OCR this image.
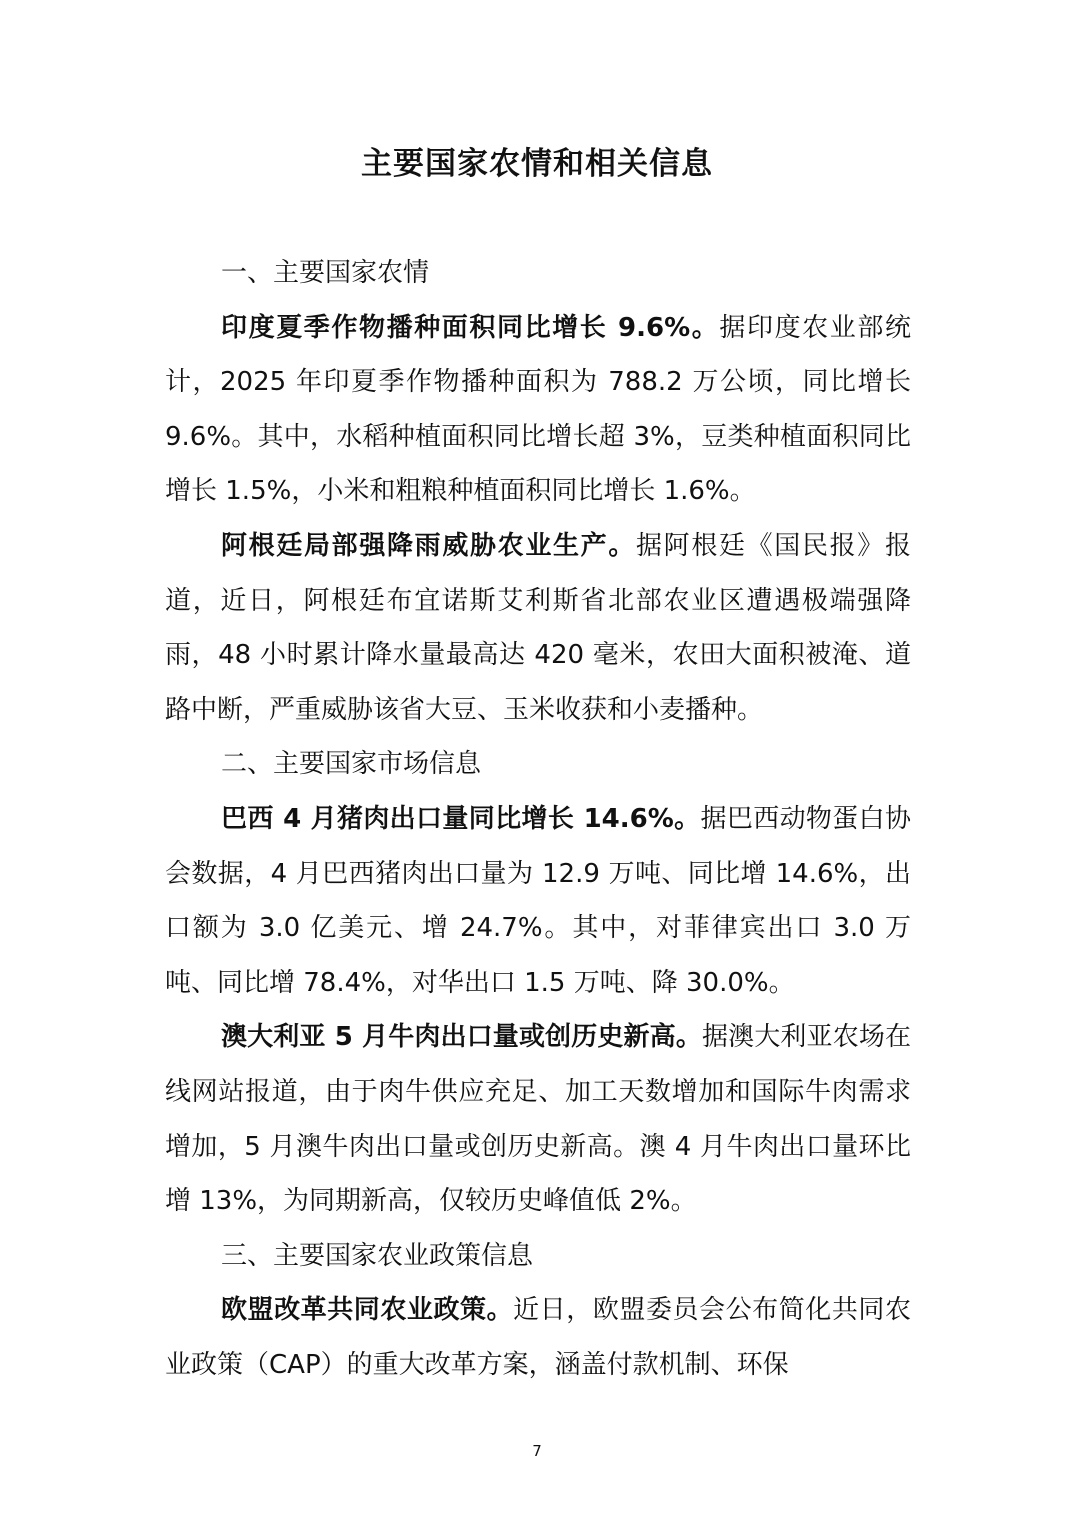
主要国家农情和相关信息
一、主要国家农情

印度夏季作物播种面积同比增长 9.6%。据印度农业部统计，2025 年印夏季作物播种面积为 788.2 万公顷，同比增长 9.6%。其中，水稻种植面积同比增长超 3%，豆类种植面积同比增长 1.5%，小米和粗粮种植面积同比增长 1.6%。

阿根廷局部强降雨威胁农业生产。据阿根廷《国民报》报道，近日，阿根廷布宜诺斯艾利斯省北部农业区遭遇极端强降雨，48 小时累计降水量最高达 420 毫米，农田大面积被淹、道路中断，严重威胁该省大豆、玉米收获和小麦播种。

二、主要国家市场信息

巴西 4 月猪肉出口量同比增长 14.6%。据巴西动物蛋白协会数据，4 月巴西猪肉出口量为 12.9 万吨、同比增 14.6%，出口额为 3.0 亿美元、增 24.7%。其中，对菲律宾出口 3.0 万吨、同比增 78.4%，对华出口 1.5 万吨、降 30.0%。

澳大利亚 5 月牛肉出口量或创历史新高。据澳大利亚农场在线网站报道，由于肉牛供应充足、加工天数增加和国际牛肉需求增加，5 月澳牛肉出口量或创历史新高。澳 4 月牛肉出口量环比增 13%，为同期新高，仅较历史峰值低 2%。

三、主要国家农业政策信息

欧盟改革共同农业政策。近日，欧盟委员会公布简化共同农业政策（CAP）的重大改革方案，涵盖付款机制、环保

7
